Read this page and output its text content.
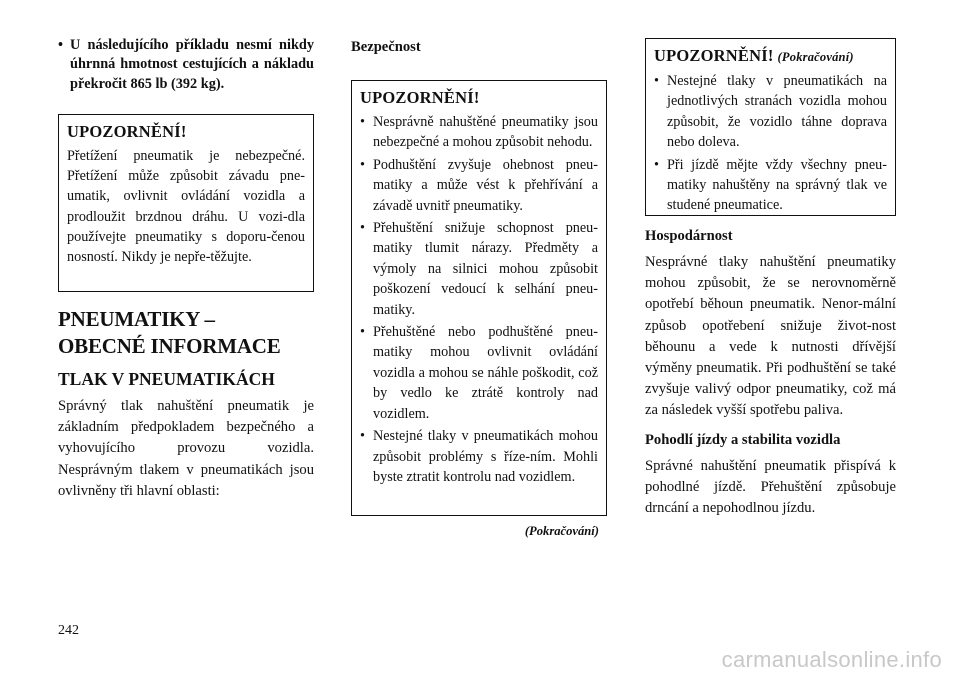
• U následujícího příkladu nesmí nikdy úhrnná hmotnost cestujících a nákladu překročit 865 lb (392 kg).
UPOZORNĚNÍ!

Přetížení pneumatik je nebezpečné. Přetížení může způsobit závadu pne-umatik, ovlivnit ovládání vozidla a prodloužit brzdnou dráhu. U vozi-dla používejte pneumatiky s doporu-čenou nosností. Nikdy je nepře-těžujte.

PNEUMATIKY –
OBECNÉ INFORMACE
TLAK V PNEUMATIKÁCH

Správný tlak nahuštění pneumatik je základním předpokladem bezpečného a vyhovujícího provozu vozidla. Nesprávným tlakem v pneumatikách jsou ovlivněny tři hlavní oblasti:

Bezpečnost
UPOZORNĚNÍ!
• Nesprávně nahuštěné pneumatiky jsou nebezpečné a mohou způsobit nehodu.
• Podhuštění zvyšuje ohebnost pneu-matiky a může vést k přehřívání a závadě uvnitř pneumatiky.
• Přehuštění snižuje schopnost pneu-matiky tlumit nárazy. Předměty a výmoly na silnici mohou způsobit poškození vedoucí k selhání pneu-matiky.
• Přehuštěné nebo podhuštěné pneu-matiky mohou ovlivnit ovládání vozidla a mohou se náhle poškodit, což by vedlo ke ztrátě kontroly nad vozidlem.
• Nestejné tlaky v pneumatikách mohou způsobit problémy s říze-ním. Mohli byste ztratit kontrolu nad vozidlem.
(Pokračování)
UPOZORNĚNÍ! (Pokračování)
• Nestejné tlaky v pneumatikách na jednotlivých stranách vozidla mohou způsobit, že vozidlo táhne doprava nebo doleva.
• Při jízdě mějte vždy všechny pneu-matiky nahuštěny na správný tlak ve studené pneumatice.
Hospodárnost

Nesprávné tlaky nahuštění pneumatiky mohou způsobit, že se nerovnoměrně opotřebí běhoun pneumatik. Nenor-mální způsob opotřebení snižuje život-nost běhounu a vede k nutnosti dřívější výměny pneumatik. Při podhuštění se také zvyšuje valivý odpor pneumatiky, což má za následek vyšší spotřebu paliva.

Pohodlí jízdy a stabilita vozidla

Správné nahuštění pneumatik přispívá k pohodlné jízdě. Přehuštění způsobuje drncání a nepohodlnou jízdu.

242
carmanualsonline.info
